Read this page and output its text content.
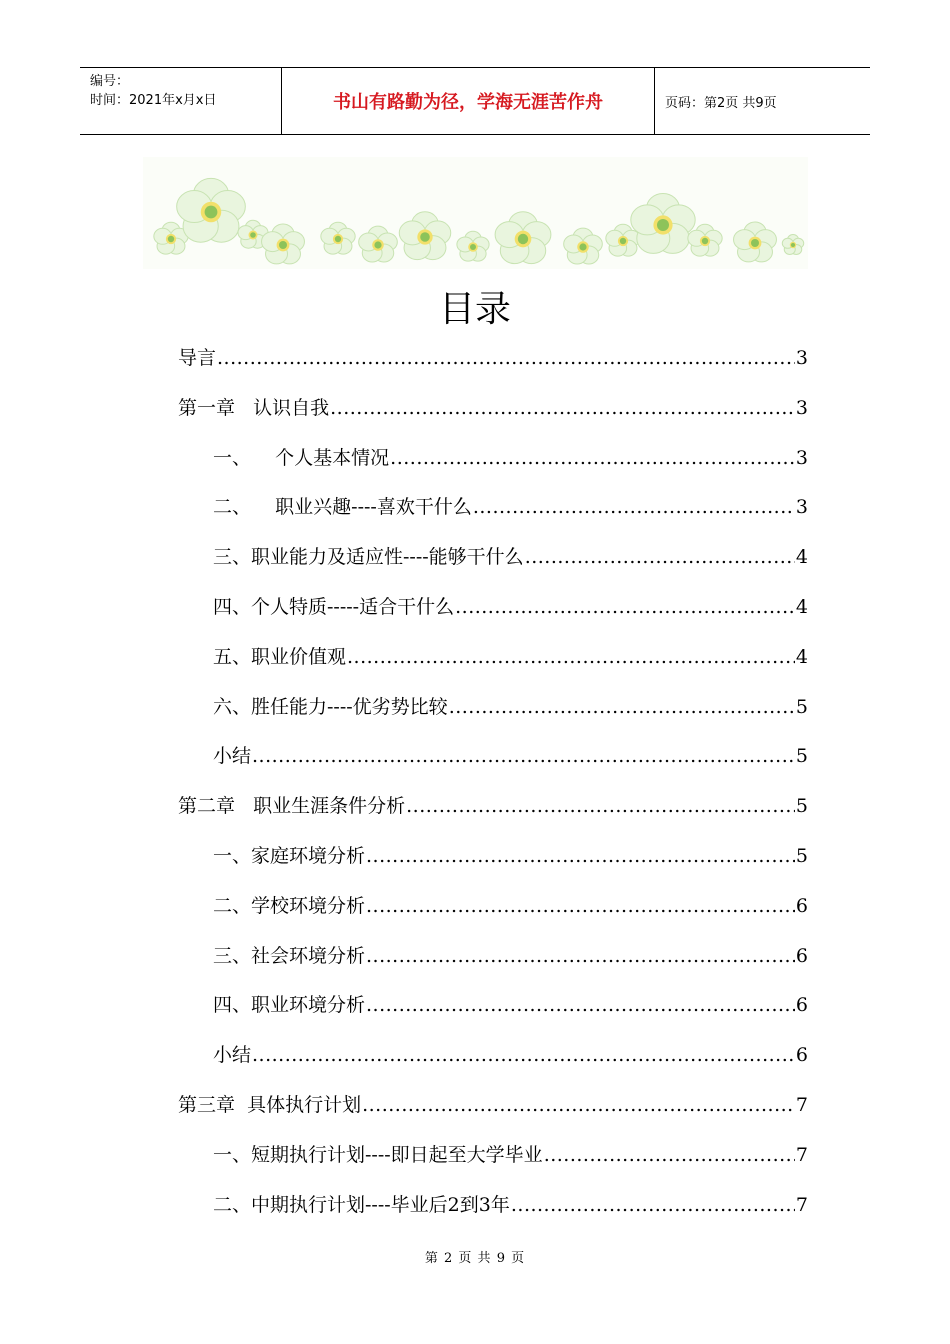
编号：
时间：2021年x月x日	书山有路勤为径，学海无涯苦作舟	页码：第2页 共9页
目录
导言 .....	3
第一章   认识自我 .....	3
一、    个人基本情况 .....	3
二、    职业兴趣----喜欢干什么 .....	3
三、职业能力及适应性----能够干什么 .....	4
四、个人特质-----适合干什么 .....	4
五、职业价值观 .....	4
六、胜任能力----优劣势比较 .....	5
小结 .....	5
第二章   职业生涯条件分析 .....	5
一、家庭环境分析 .....	5
二、学校环境分析 .....	6
三、社会环境分析 .....	6
四、职业环境分析 .....	6
小结 .....	6
第三章  具体执行计划 .....	7
一、短期执行计划----即日起至大学毕业 .....	7
二、中期执行计划----毕业后2到3年 .....	7
第 2 页 共 9 页
